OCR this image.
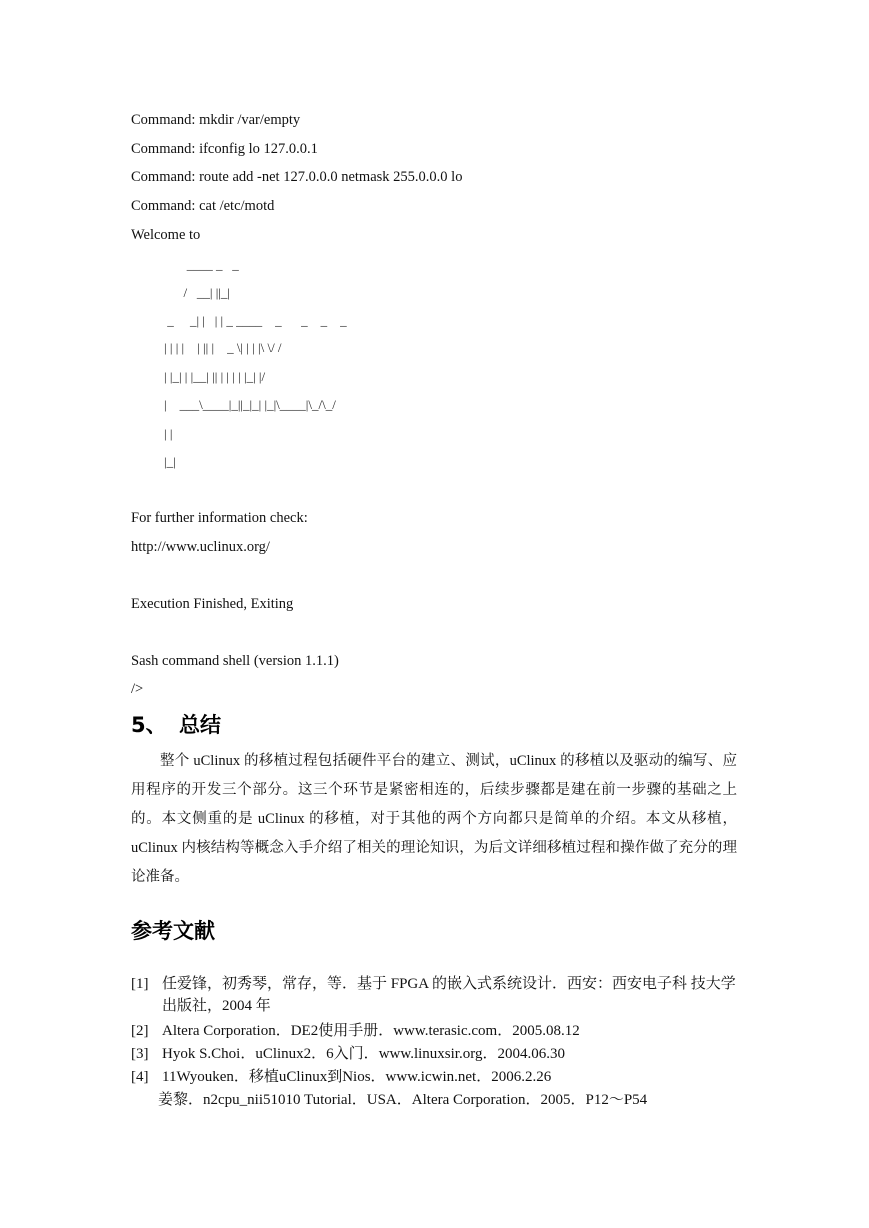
Command: mkdir /var/empty
Command: ifconfig lo 127.0.0.1
Command: route add -net 127.0.0.0 netmask 255.0.0.0 lo
Command: cat /etc/motd
Welcome to
____ _   _
/   __| ||_|
_     _| |   | | _ ____    _      _    _    _
| | | |    | || |    _ \| | | |\ \/ /
| |_| | |__| || | | | | |_| |/
|    ___\____|_||_|_| |_|\____|\_/\_/
| |
|_|
For further information check:
http://www.uclinux.org/
Execution Finished, Exiting
Sash command shell (version 1.1.1)
/>
5、 总结

整个 uClinux 的移植过程包括硬件平台的建立、测试，uClinux 的移植以及驱动的编写、应用程序的开发三个部分。这三个环节是紧密相连的，后续步骤都是建在前一步骤的基础之上的。本文侧重的是 uClinux 的移植，对于其他的两个方向都只是简单的介绍。本文从移植，uClinux 内核结构等概念入手介绍了相关的理论知识，为后文详细移植过程和操作做了充分的理论准备。

参考文献
[1] 任爱锋，初秀琴，常存，等．基于 FPGA 的嵌入式系统设计．西安：西安电子科 技大学出版社，2004 年
[2] Altera Corporation．DE2使用手册．www.terasic.com．2005.08.12
[3] Hyok S.Choi．uClinux2．6入门．www.linuxsir.org．2004.06.30
[4] 11Wyouken．移植uClinux到Nios．www.icwin.net．2006.2.26
姜黎．n2cpu_nii51010 Tutorial．USA．Altera Corporation．2005．P12～P54
